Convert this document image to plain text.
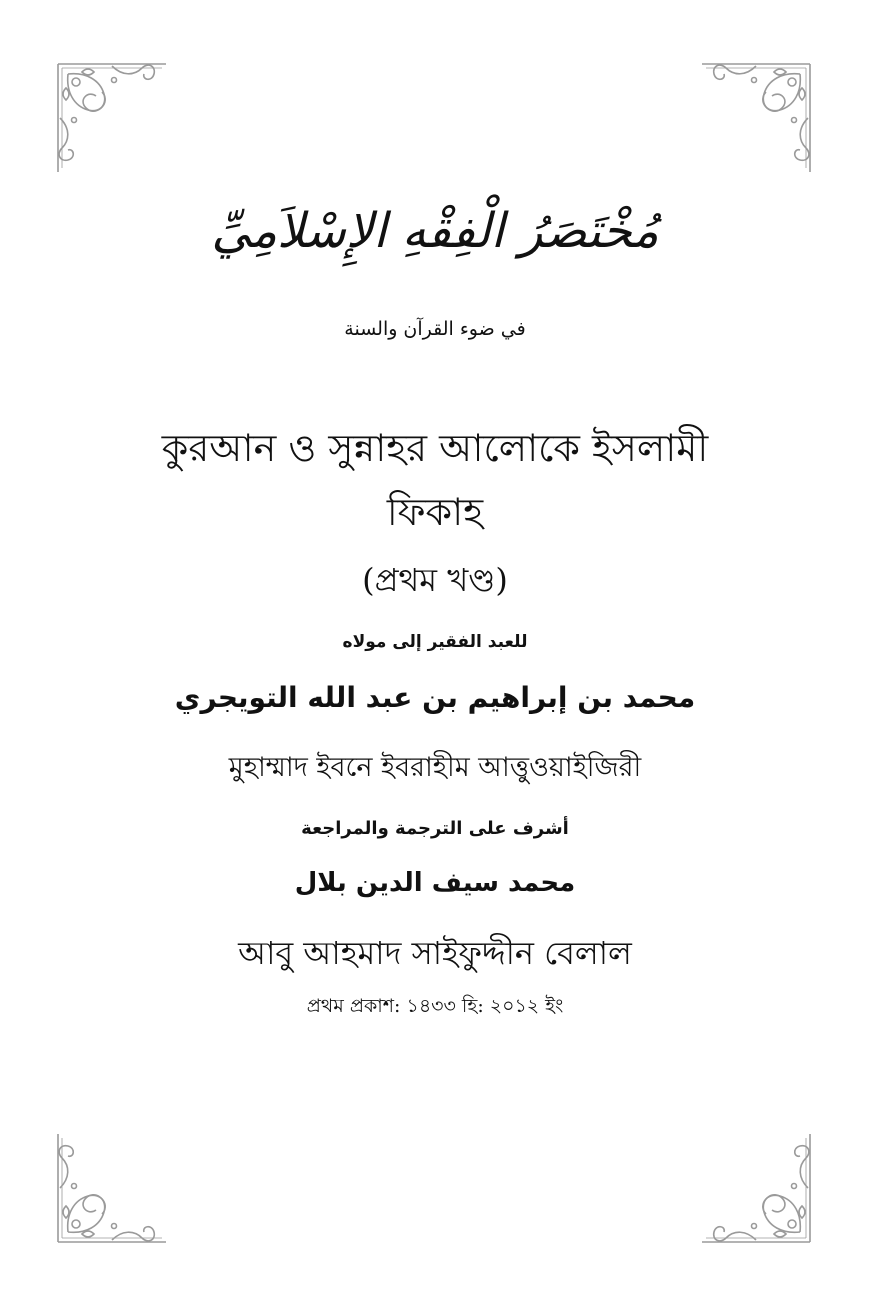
مُخْتَصَرُ الْفِقْهِ الإِسْلاَمِيِّ
في ضوء القرآن والسنة
কুরআন ও সুন্নাহর আলোকে ইসলামী
ফিকাহ
(প্রথম খণ্ড)
للعبد الفقير إلى مولاه
محمد بن إبراهيم بن عبد الله التويجري
মুহাম্মাদ ইবনে ইবরাহীম আত্তুওয়াইজিরী
أشرف على الترجمة والمراجعة
محمد سيف الدين بلال
আবু আহমাদ সাইফুদ্দীন বেলাল
প্রথম প্রকাশ: ১৪৩৩ হি: ২০১২ ইং
